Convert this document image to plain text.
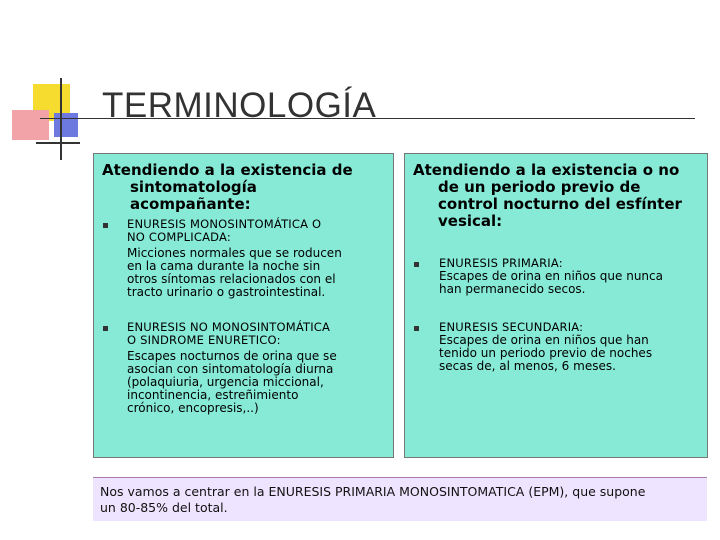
TERMINOLOGÍA
Atendiendo a la existencia de
sintomatología
acompañante:
ENURESIS MONOSINTOMÁTICA O
NO COMPLICADA:
Micciones normales que se roducen
en la cama durante la noche sin
otros síntomas relacionados con el
tracto urinario o gastrointestinal.
ENURESIS NO MONOSINTOMÁTICA
O SINDROME ENURETICO:
Escapes nocturnos de orina que se
asocian con sintomatología diurna
(polaquiuria, urgencia miccional,
incontinencia, estreñimiento
crónico, encopresis,..)
Atendiendo a la existencia o no
de un periodo previo de
control nocturno del esfínter
vesical:
ENURESIS PRIMARIA:
Escapes de orina en niños que nunca
han permanecido secos.
ENURESIS SECUNDARIA:
Escapes de orina en niños que han
tenido un periodo previo de noches
secas de, al menos, 6 meses.
Nos vamos a centrar en la ENURESIS PRIMARIA MONOSINTOMATICA (EPM), que supone
un 80-85% del total.
